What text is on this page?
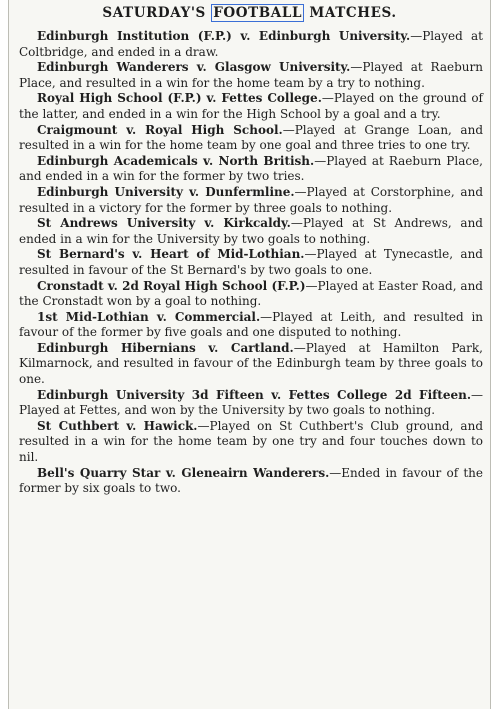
SATURDAY'S FOOTBALL MATCHES.

Edinburgh Institution (F.P.) v. Edinburgh University.—Played at Coltbridge, and ended in a draw.

Edinburgh Wanderers v. Glasgow University.—Played at Raeburn Place, and resulted in a win for the home team by a try to nothing.

Royal High School (F.P.) v. Fettes College.—Played on the ground of the latter, and ended in a win for the High School by a goal and a try.

Craigmount v. Royal High School.—Played at Grange Loan, and resulted in a win for the home team by one goal and three tries to one try.

Edinburgh Academicals v. North British.—Played at Raeburn Place, and ended in a win for the former by two tries.

Edinburgh University v. Dunfermline.—Played at Corstorphine, and resulted in a victory for the former by three goals to nothing.

St Andrews University v. Kirkcaldy.—Played at St Andrews, and ended in a win for the University by two goals to nothing.

St Bernard's v. Heart of Mid-Lothian.—Played at Tynecastle, and resulted in favour of the St Bernard's by two goals to one.

Cronstadt v. 2d Royal High School (F.P.)—Played at Easter Road, and the Cronstadt won by a goal to nothing.

1st Mid-Lothian v. Commercial.—Played at Leith, and resulted in favour of the former by five goals and one disputed to nothing.

Edinburgh Hibernians v. Cartland.—Played at Hamilton Park, Kilmarnock, and resulted in favour of the Edinburgh team by three goals to one.

Edinburgh University 3d Fifteen v. Fettes College 2d Fifteen.—Played at Fettes, and won by the University by two goals to nothing.

St Cuthbert v. Hawick.—Played on St Cuthbert's Club ground, and resulted in a win for the home team by one try and four touches down to nil.

Bell's Quarry Star v. Gleneairn Wanderers.—Ended in favour of the former by six goals to two.
